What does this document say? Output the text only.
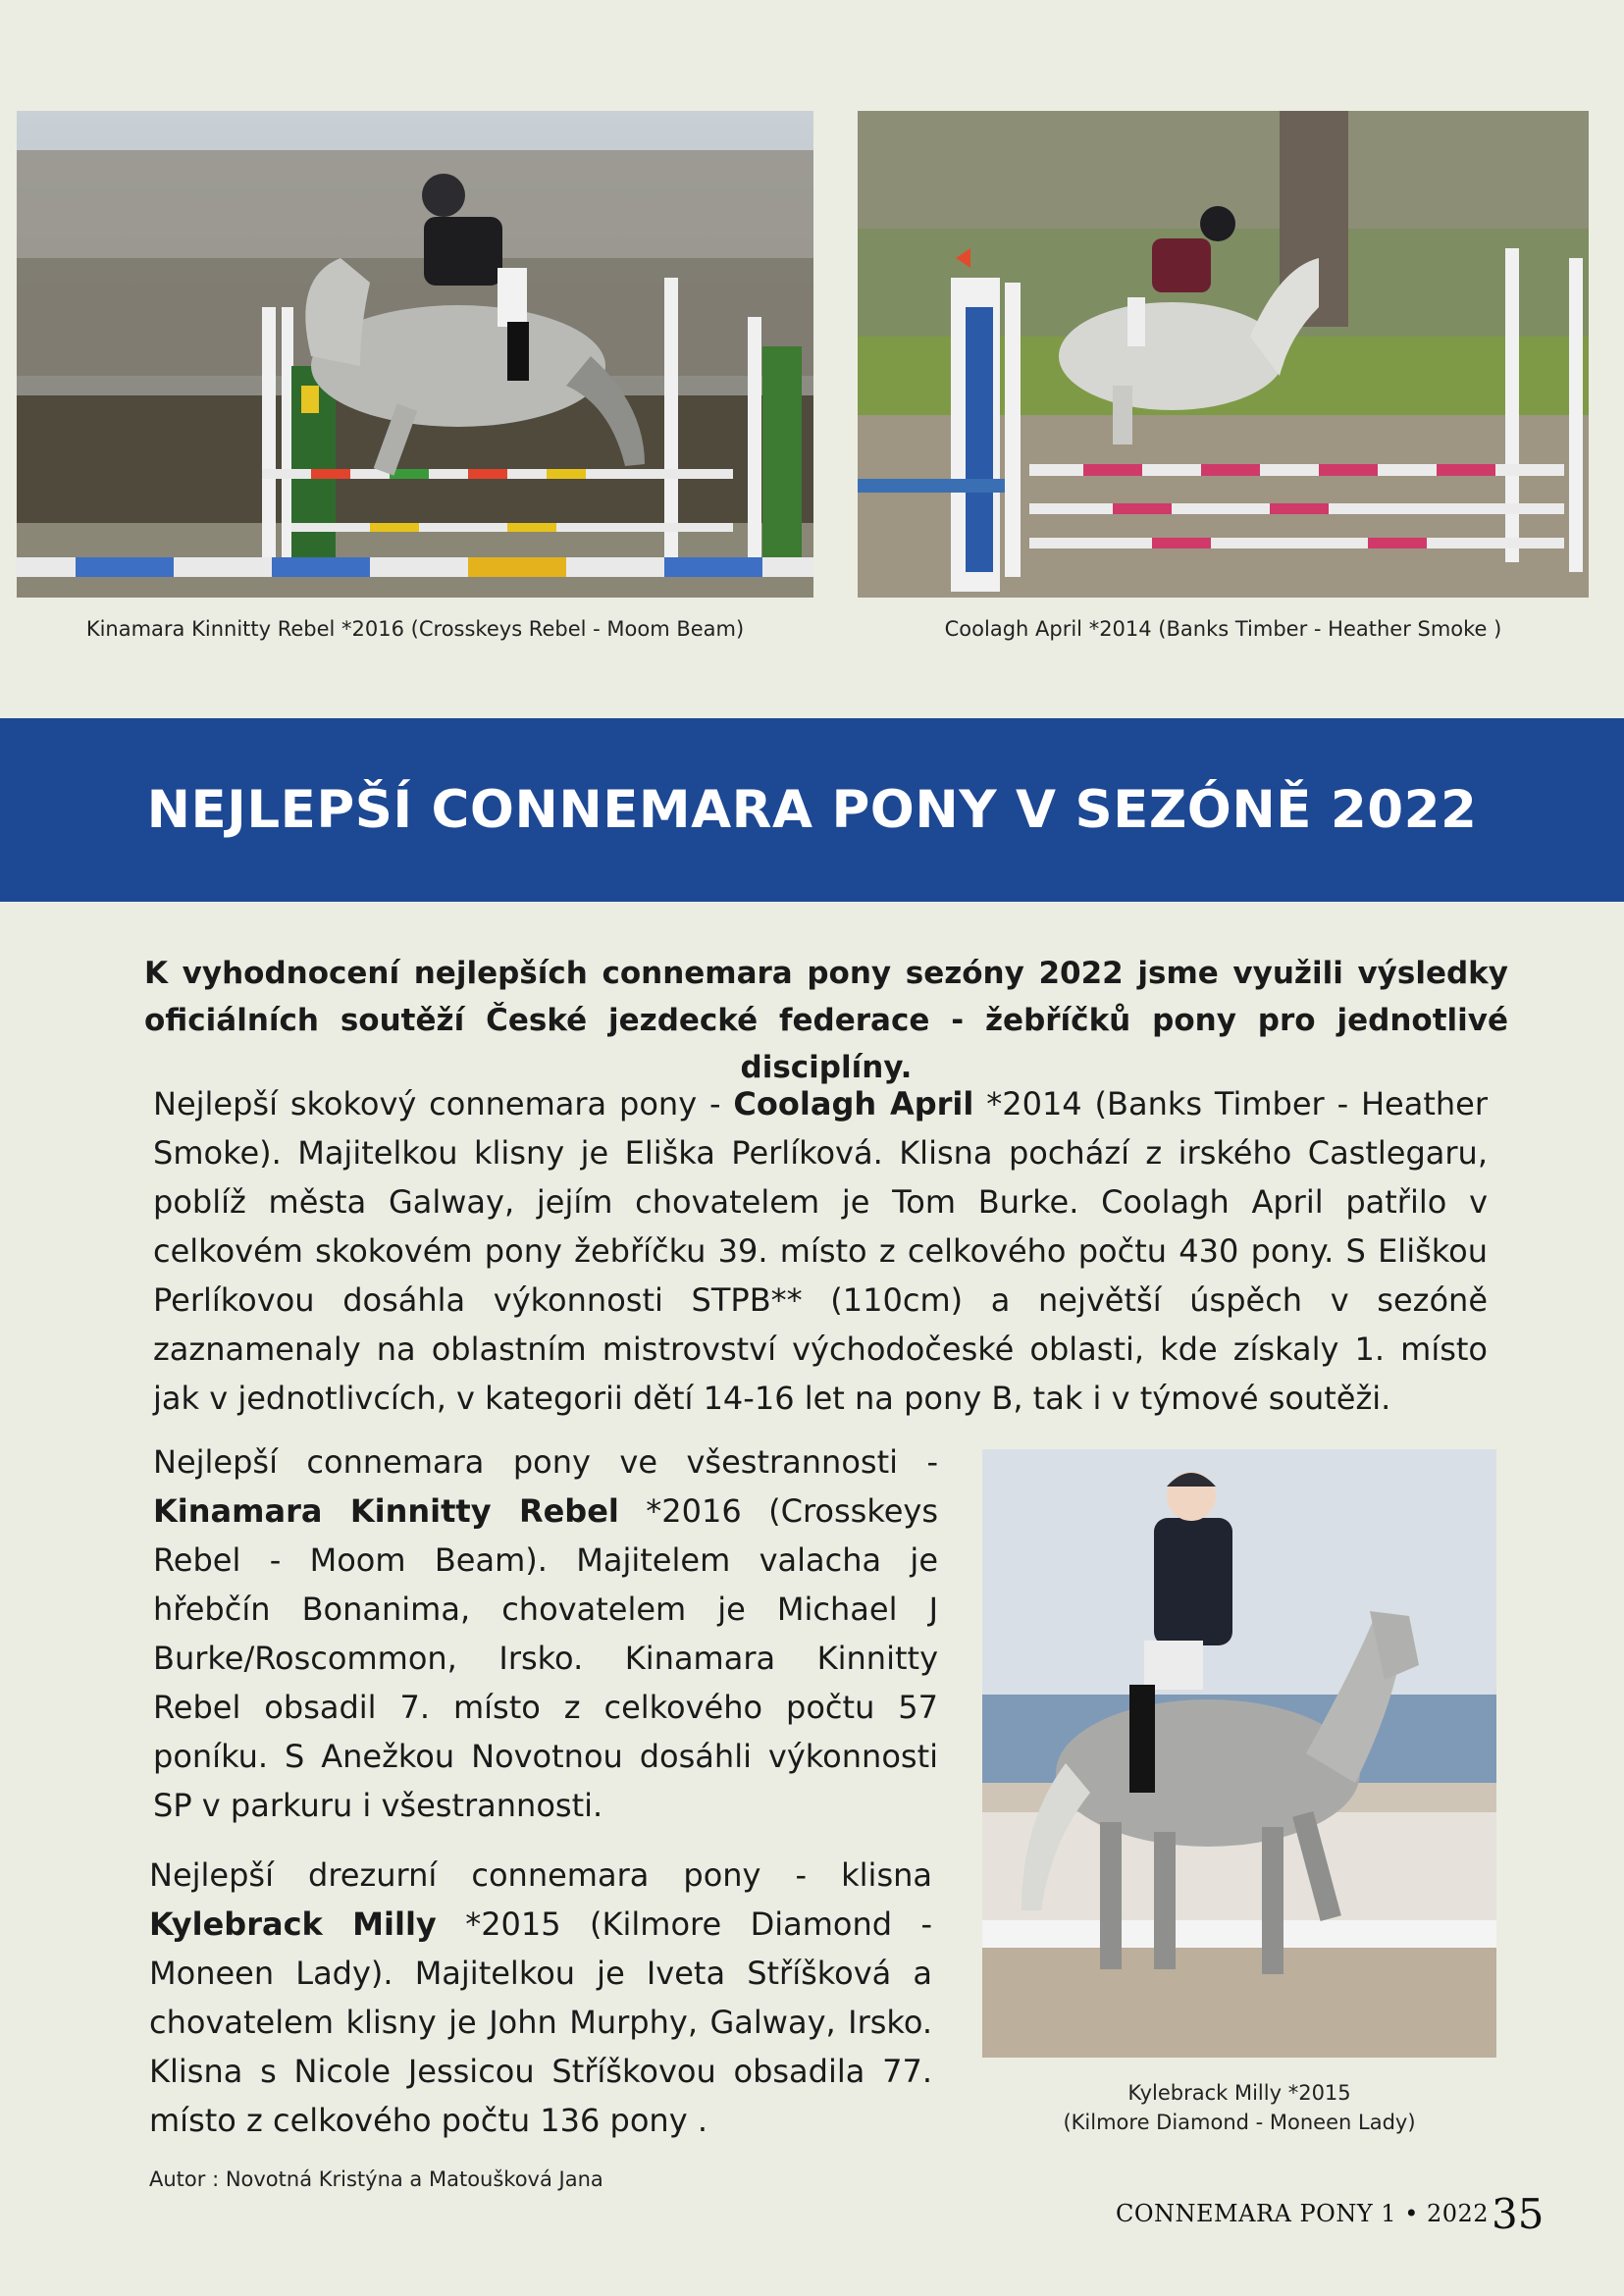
Kinamara Kinnitty Rebel *2016 (Crosskeys Rebel - Moom Beam)	Coolagh April *2014 (Banks Timber - Heather Smoke )
NEJLEPŠÍ CONNEMARA PONY V SEZÓNĚ 2022
K vyhodnocení nejlepších connemara pony sezóny 2022 jsme využili výsledky oficiálních soutěží České jezdecké federace - žebříčků pony pro jednotlivé disciplíny.

Nejlepší skokový connemara pony - Coolagh April *2014 (Banks Timber - Heather Smoke). Majitelkou klisny je Eliška Perlíková. Klisna pochází z irského Castlegaru, poblíž města Galway, jejím chovatelem je Tom Burke. Coolagh April patřilo v celkovém skokovém pony žebříčku 39. místo z celkového počtu 430 pony. S Eliškou Perlíkovou dosáhla výkonnosti STPB** (110cm) a největší úspěch v sezóně zaznamenaly na oblastním mistrovství východočeské oblasti, kde získaly 1. místo jak v jednotlivcích, v kategorii dětí 14-16 let na pony B, tak i v týmové soutěži.

Nejlepší connemara pony ve všestrannosti - Kinamara Kinnitty Rebel *2016 (Crosskeys Rebel - Moom Beam). Majitelem valacha je hřebčín Bonanima, chovatelem je Michael J Burke/Roscommon, Irsko. Kinamara Kinnitty Rebel obsadil 7. místo z celkového počtu 57 poníku. S Anežkou Novotnou dosáhli výkonnosti SP v parkuru i všestrannosti.

Nejlepší drezurní connemara pony - klisna Kylebrack Milly *2015 (Kilmore Diamond - Moneen Lady). Majitelkou je Iveta Stříšková a chovatelem klisny je John Murphy, Galway, Irsko. Klisna s Nicole Jessicou Stříškovou obsadila 77. místo z celkového počtu 136 pony .

Kylebrack Milly *2015
(Kilmore Diamond - Moneen Lady)
Autor : Novotná Kristýna a Matoušková Jana
CONNEMARA PONY 1 • 2022 35
